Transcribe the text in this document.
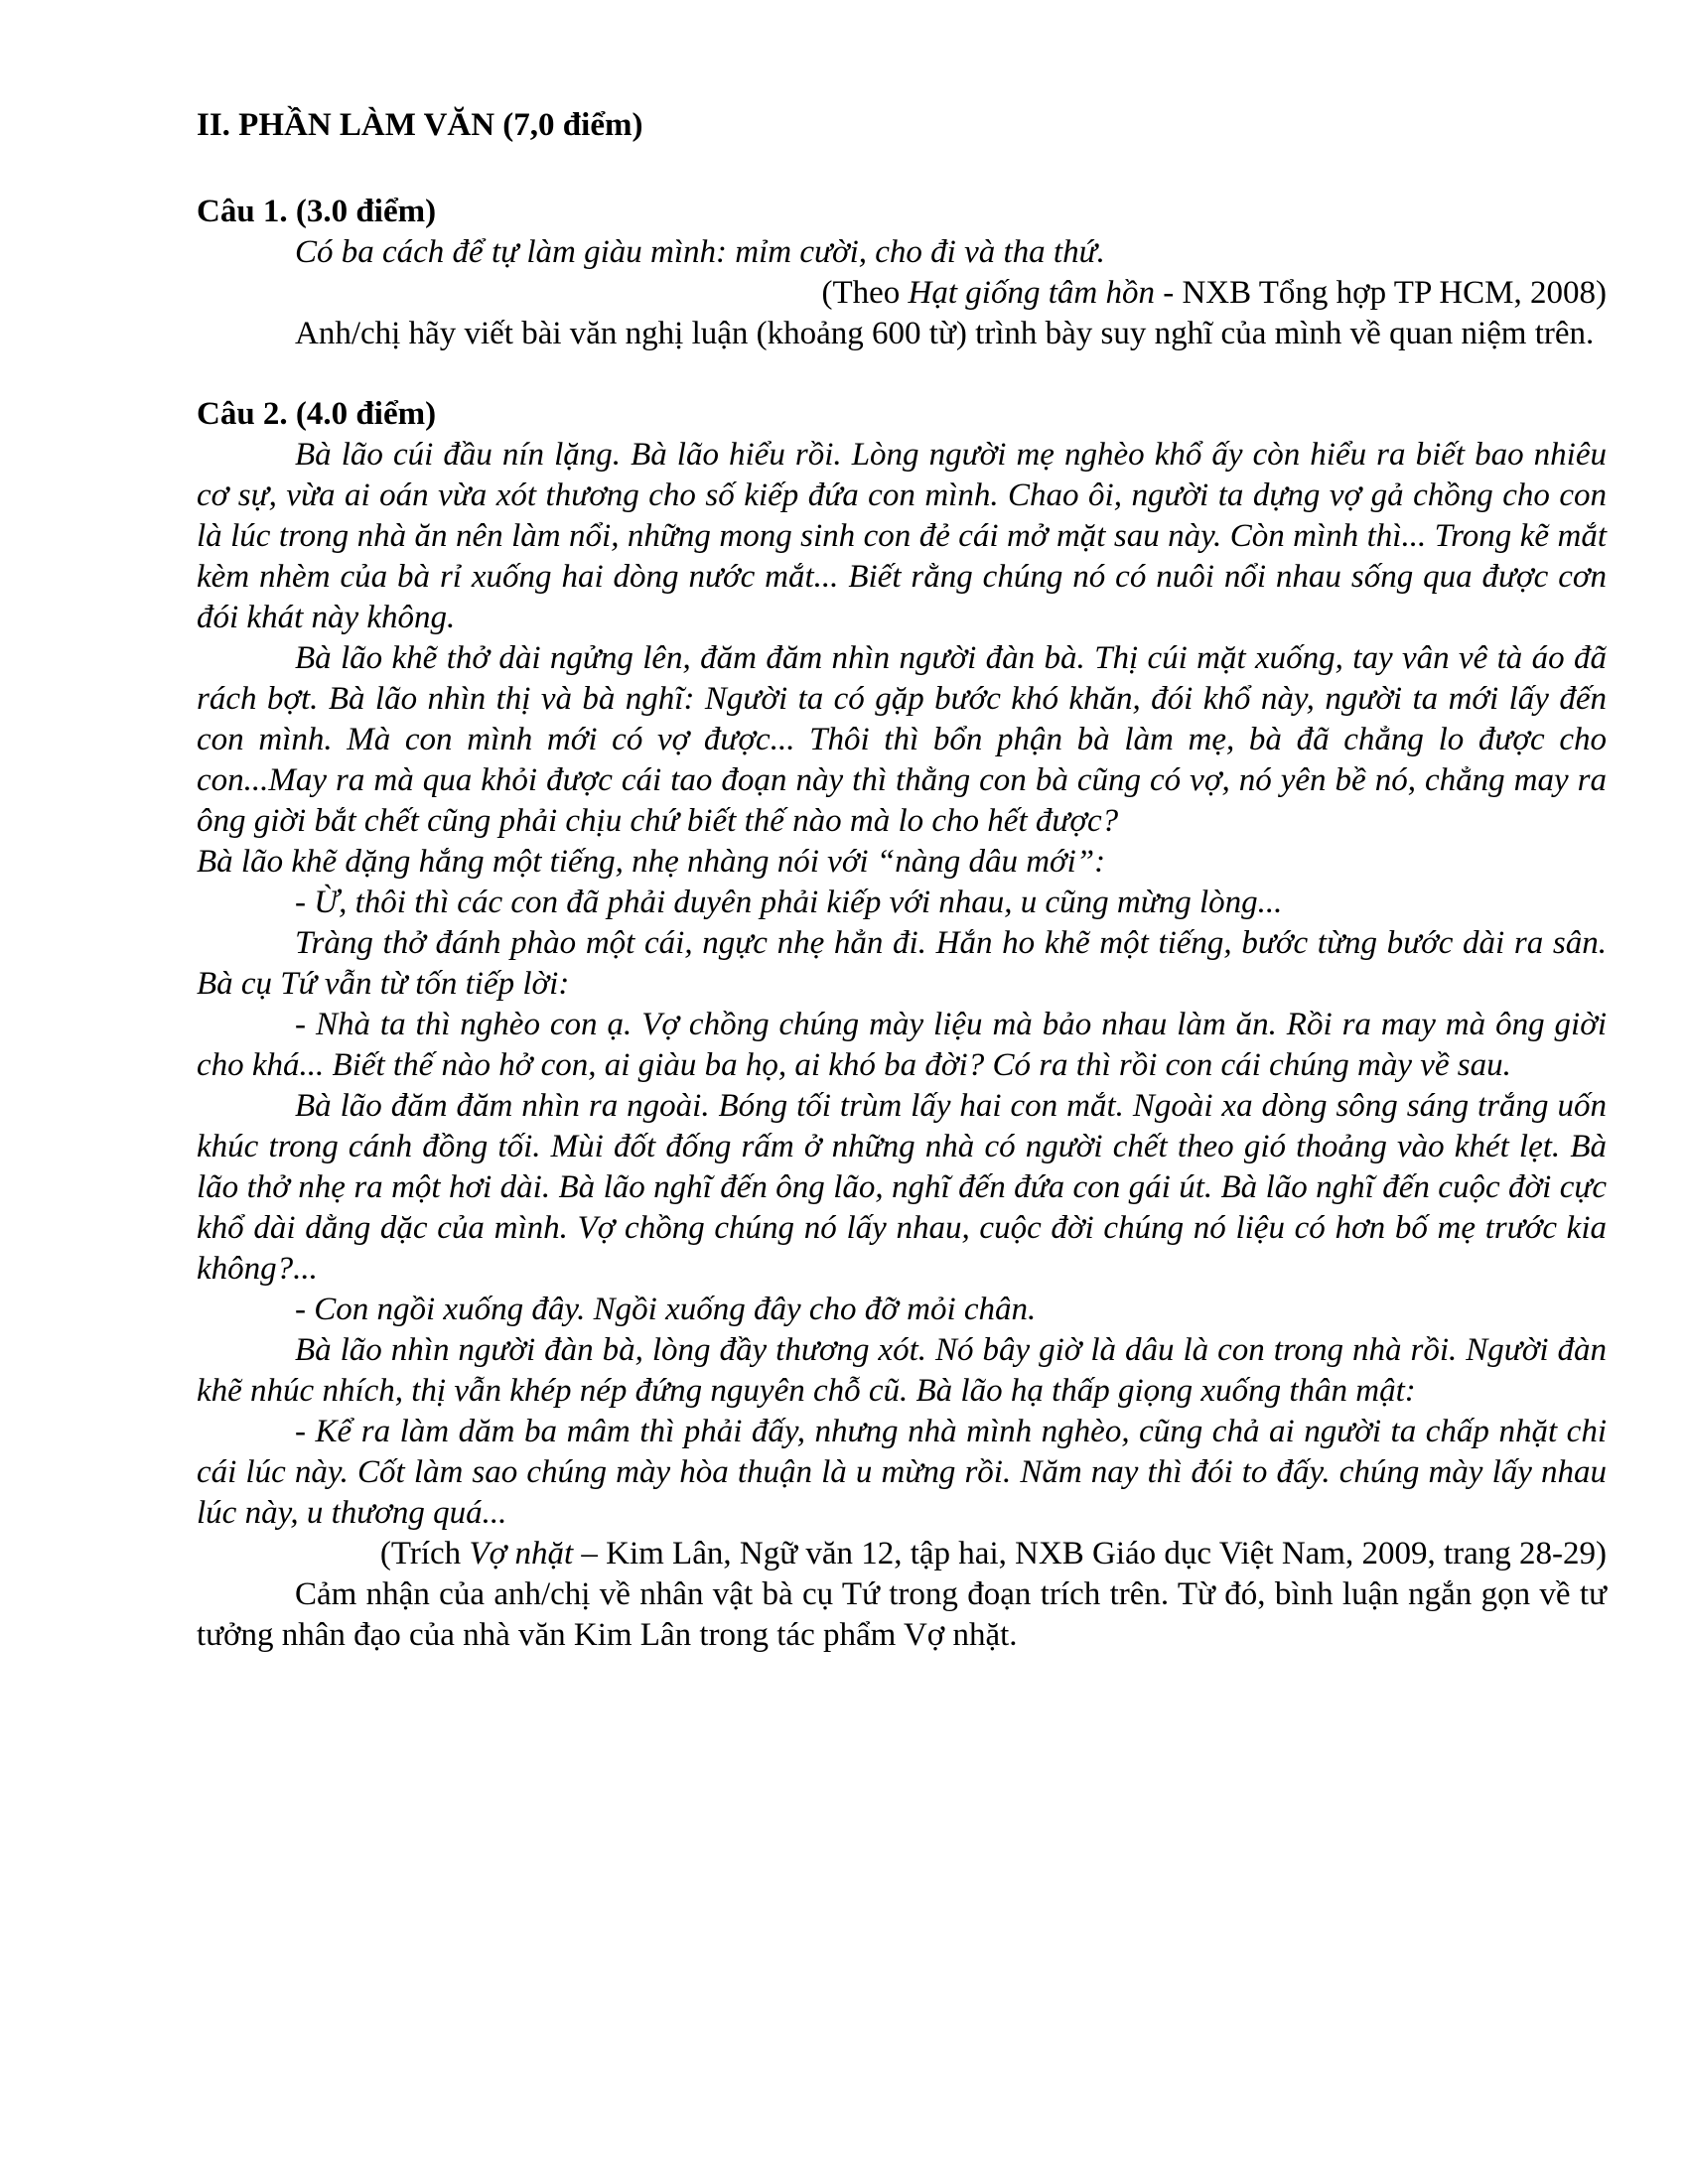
II. PHẦN LÀM VĂN (7,0 điểm)

Câu 1. (3.0 điểm)

Có ba cách để tự làm giàu mình: mỉm cười, cho đi và tha thứ.

(Theo Hạt giống tâm hồn - NXB Tổng hợp TP HCM, 2008)

Anh/chị hãy viết bài văn nghị luận (khoảng 600 từ) trình bày suy nghĩ của mình về quan niệm trên.

Câu 2. (4.0 điểm)

Bà lão cúi đầu nín lặng. Bà lão hiểu rồi. Lòng người mẹ nghèo khổ ấy còn hiểu ra biết bao nhiêu cơ sự, vừa ai oán vừa xót thương cho số kiếp đứa con mình. Chao ôi, người ta dựng vợ gả chồng cho con là lúc trong nhà ăn nên làm nổi, những mong sinh con đẻ cái mở mặt sau này. Còn mình thì... Trong kẽ mắt kèm nhèm của bà rỉ xuống hai dòng nước mắt... Biết rằng chúng nó có nuôi nổi nhau sống qua được cơn đói khát này không.

Bà lão khẽ thở dài ngửng lên, đăm đăm nhìn người đàn bà. Thị cúi mặt xuống, tay vân vê tà áo đã rách bợt. Bà lão nhìn thị và bà nghĩ: Người ta có gặp bước khó khăn, đói khổ này, người ta mới lấy đến con mình. Mà con mình mới có vợ được... Thôi thì bổn phận bà làm mẹ, bà đã chẳng lo được cho con...May ra mà qua khỏi được cái tao đoạn này thì thằng con bà cũng có vợ, nó yên bề nó, chẳng may ra ông giời bắt chết cũng phải chịu chứ biết thế nào mà lo cho hết được?

Bà lão khẽ dặng hắng một tiếng, nhẹ nhàng nói với “nàng dâu mới”:

- Ừ, thôi thì các con đã phải duyên phải kiếp với nhau, u cũng mừng lòng...

Tràng thở đánh phào một cái, ngực nhẹ hẳn đi. Hắn ho khẽ một tiếng, bước từng bước dài ra sân. Bà cụ Tứ vẫn từ tốn tiếp lời:

- Nhà ta thì nghèo con ạ. Vợ chồng chúng mày liệu mà bảo nhau làm ăn. Rồi ra may mà ông giời cho khá... Biết thế nào hở con, ai giàu ba họ, ai khó ba đời? Có ra thì rồi con cái chúng mày về sau.

Bà lão đăm đăm nhìn ra ngoài. Bóng tối trùm lấy hai con mắt. Ngoài xa dòng sông sáng trắng uốn khúc trong cánh đồng tối. Mùi đốt đống rấm ở những nhà có người chết theo gió thoảng vào khét lẹt. Bà lão thở nhẹ ra một hơi dài. Bà lão nghĩ đến ông lão, nghĩ đến đứa con gái út. Bà lão nghĩ đến cuộc đời cực khổ dài dằng dặc của mình. Vợ chồng chúng nó lấy nhau, cuộc đời chúng nó liệu có hơn bố mẹ trước kia không?...

- Con ngồi xuống đây. Ngồi xuống đây cho đỡ mỏi chân.

Bà lão nhìn người đàn bà, lòng đầy thương xót. Nó bây giờ là dâu là con trong nhà rồi. Người đàn khẽ nhúc nhích, thị vẫn khép nép đứng nguyên chỗ cũ. Bà lão hạ thấp giọng xuống thân mật:

- Kể ra làm dăm ba mâm thì phải đấy, nhưng nhà mình nghèo, cũng chả ai người ta chấp nhặt chi cái lúc này. Cốt làm sao chúng mày hòa thuận là u mừng rồi. Năm nay thì đói to đấy. chúng mày lấy nhau lúc này, u thương quá...

(Trích Vợ nhặt – Kim Lân, Ngữ văn 12, tập hai, NXB Giáo dục Việt Nam, 2009, trang 28-29)

Cảm nhận của anh/chị về nhân vật bà cụ Tứ trong đoạn trích trên. Từ đó, bình luận ngắn gọn về tư tưởng nhân đạo của nhà văn Kim Lân trong tác phẩm Vợ nhặt.
